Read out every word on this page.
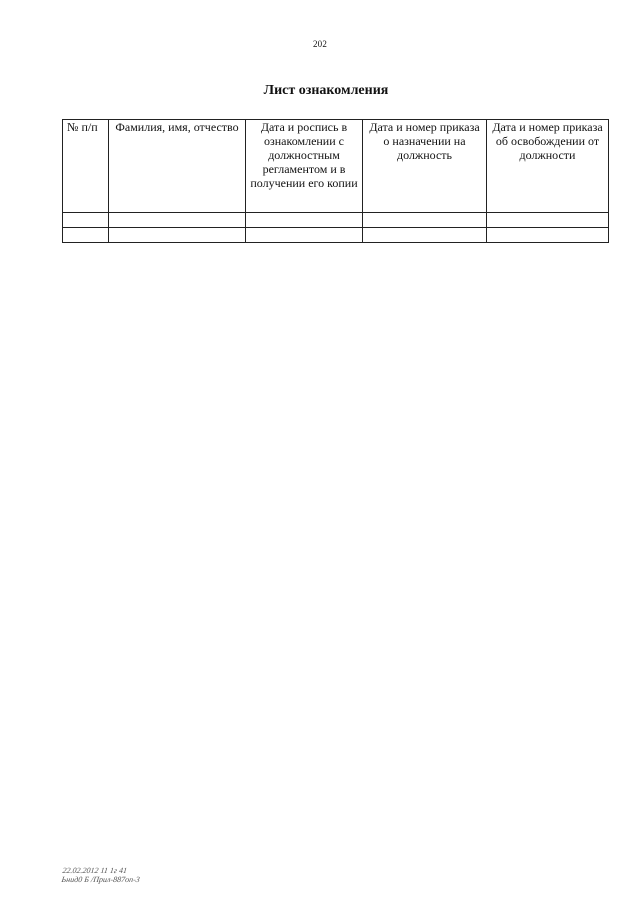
202
Лист ознакомления
№ п/п	Фамилия, имя, отчество	Дата и роспись в ознакомлении с должностным регламентом и в получении его копии	Дата и номер приказа о назначении на должность	Дата и номер приказа об освобождении от должности

22.02.2012 11 1г 41
Ьнид0 Б /Прил-887оп-3
